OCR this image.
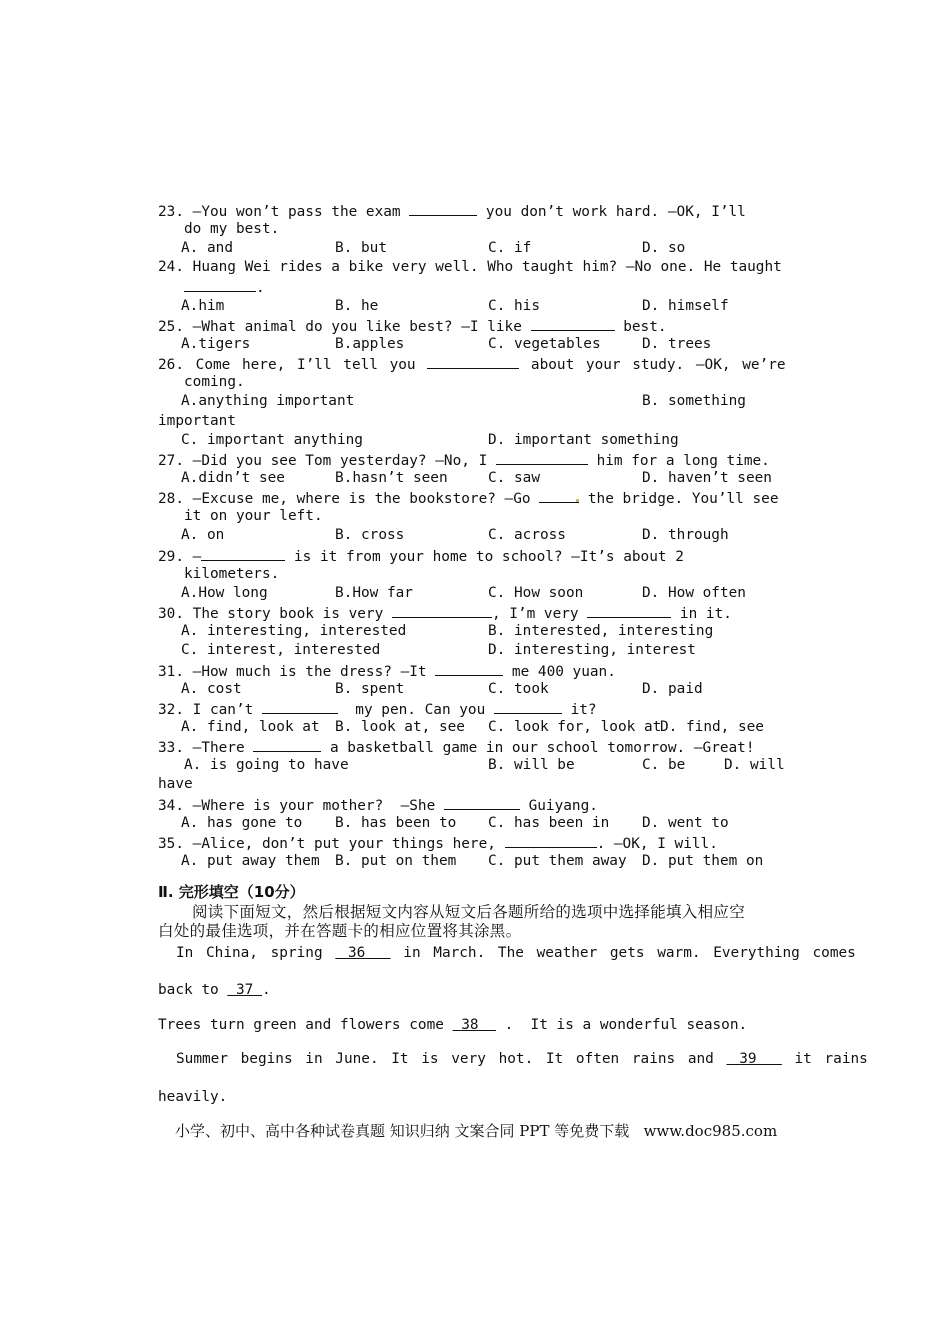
23. —You won’t pass the exam	you don’t work hard. —OK, I’ll
do my best.
A. and	B. but	C. if	D. so
24. Huang Wei rides a bike very well. Who taught him? —No one. He taught
.
A.him	B. he	C. his	D. himself
25. —What animal do you like best? —I like	best.
A.tigers	B.apples	C. vegetables	D. trees
26. Come here, I’ll tell you	about your study. —OK, we’re
coming.
A.anything important	B. something
important
C. important anything	D. important something
27. —Did you see Tom yesterday? —No, I	him for a long time.
A.didn’t see	B.hasn’t seen	C. saw	D. haven’t seen
28. —Excuse me, where is the bookstore? —Go	the bridge. You’ll see
it on your left.
A. on	B. cross	C. across	D. through
29. —	is it from your home to school? —It’s about 2
kilometers.
A.How long	B.How far	C. How soon	D. How often
30. The story book is very	, I’m very	in it.
A. interesting, interested	B. interested, interesting
C. interest, interested	D. interesting, interest
31. —How much is the dress? —It	me 400 yuan.
A. cost	B. spent	C. took	D. paid
32. I can’t	my pen. Can you	it?
A. find, look at B. look at, see C. look for, look at
D. find, see
33. —There	a basketball game in our school tomorrow. —Great!
A. is going to have	B. will be	C. be	D. will
have
34. —Where is your mother?  —She	Guiyang.
A. has gone to B. has been to C. has been in D. went to
35. —Alice, don’t put your things here,	. —OK, I will.
A. put away them B. put on them C. put them away D. put them on
Ⅱ. 完形填空（10分）
阅读下面短文，然后根据短文内容从短文后各题所给的选项中选择能填入相应空
白处的最佳选项，并在答题卡的相应位置将其涂黑。
In China, spring  36   in March. The weather gets warm. Everything comes
back to  37 .
Trees turn green and flowers come  38   .  It is a wonderful season.
Summer begins in June. It is very hot. It often rains and  39   it rains
heavily.
小学、初中、高中各种试卷真题 知识归纳 文案合同 PPT 等免费下载   www.doc985.com
